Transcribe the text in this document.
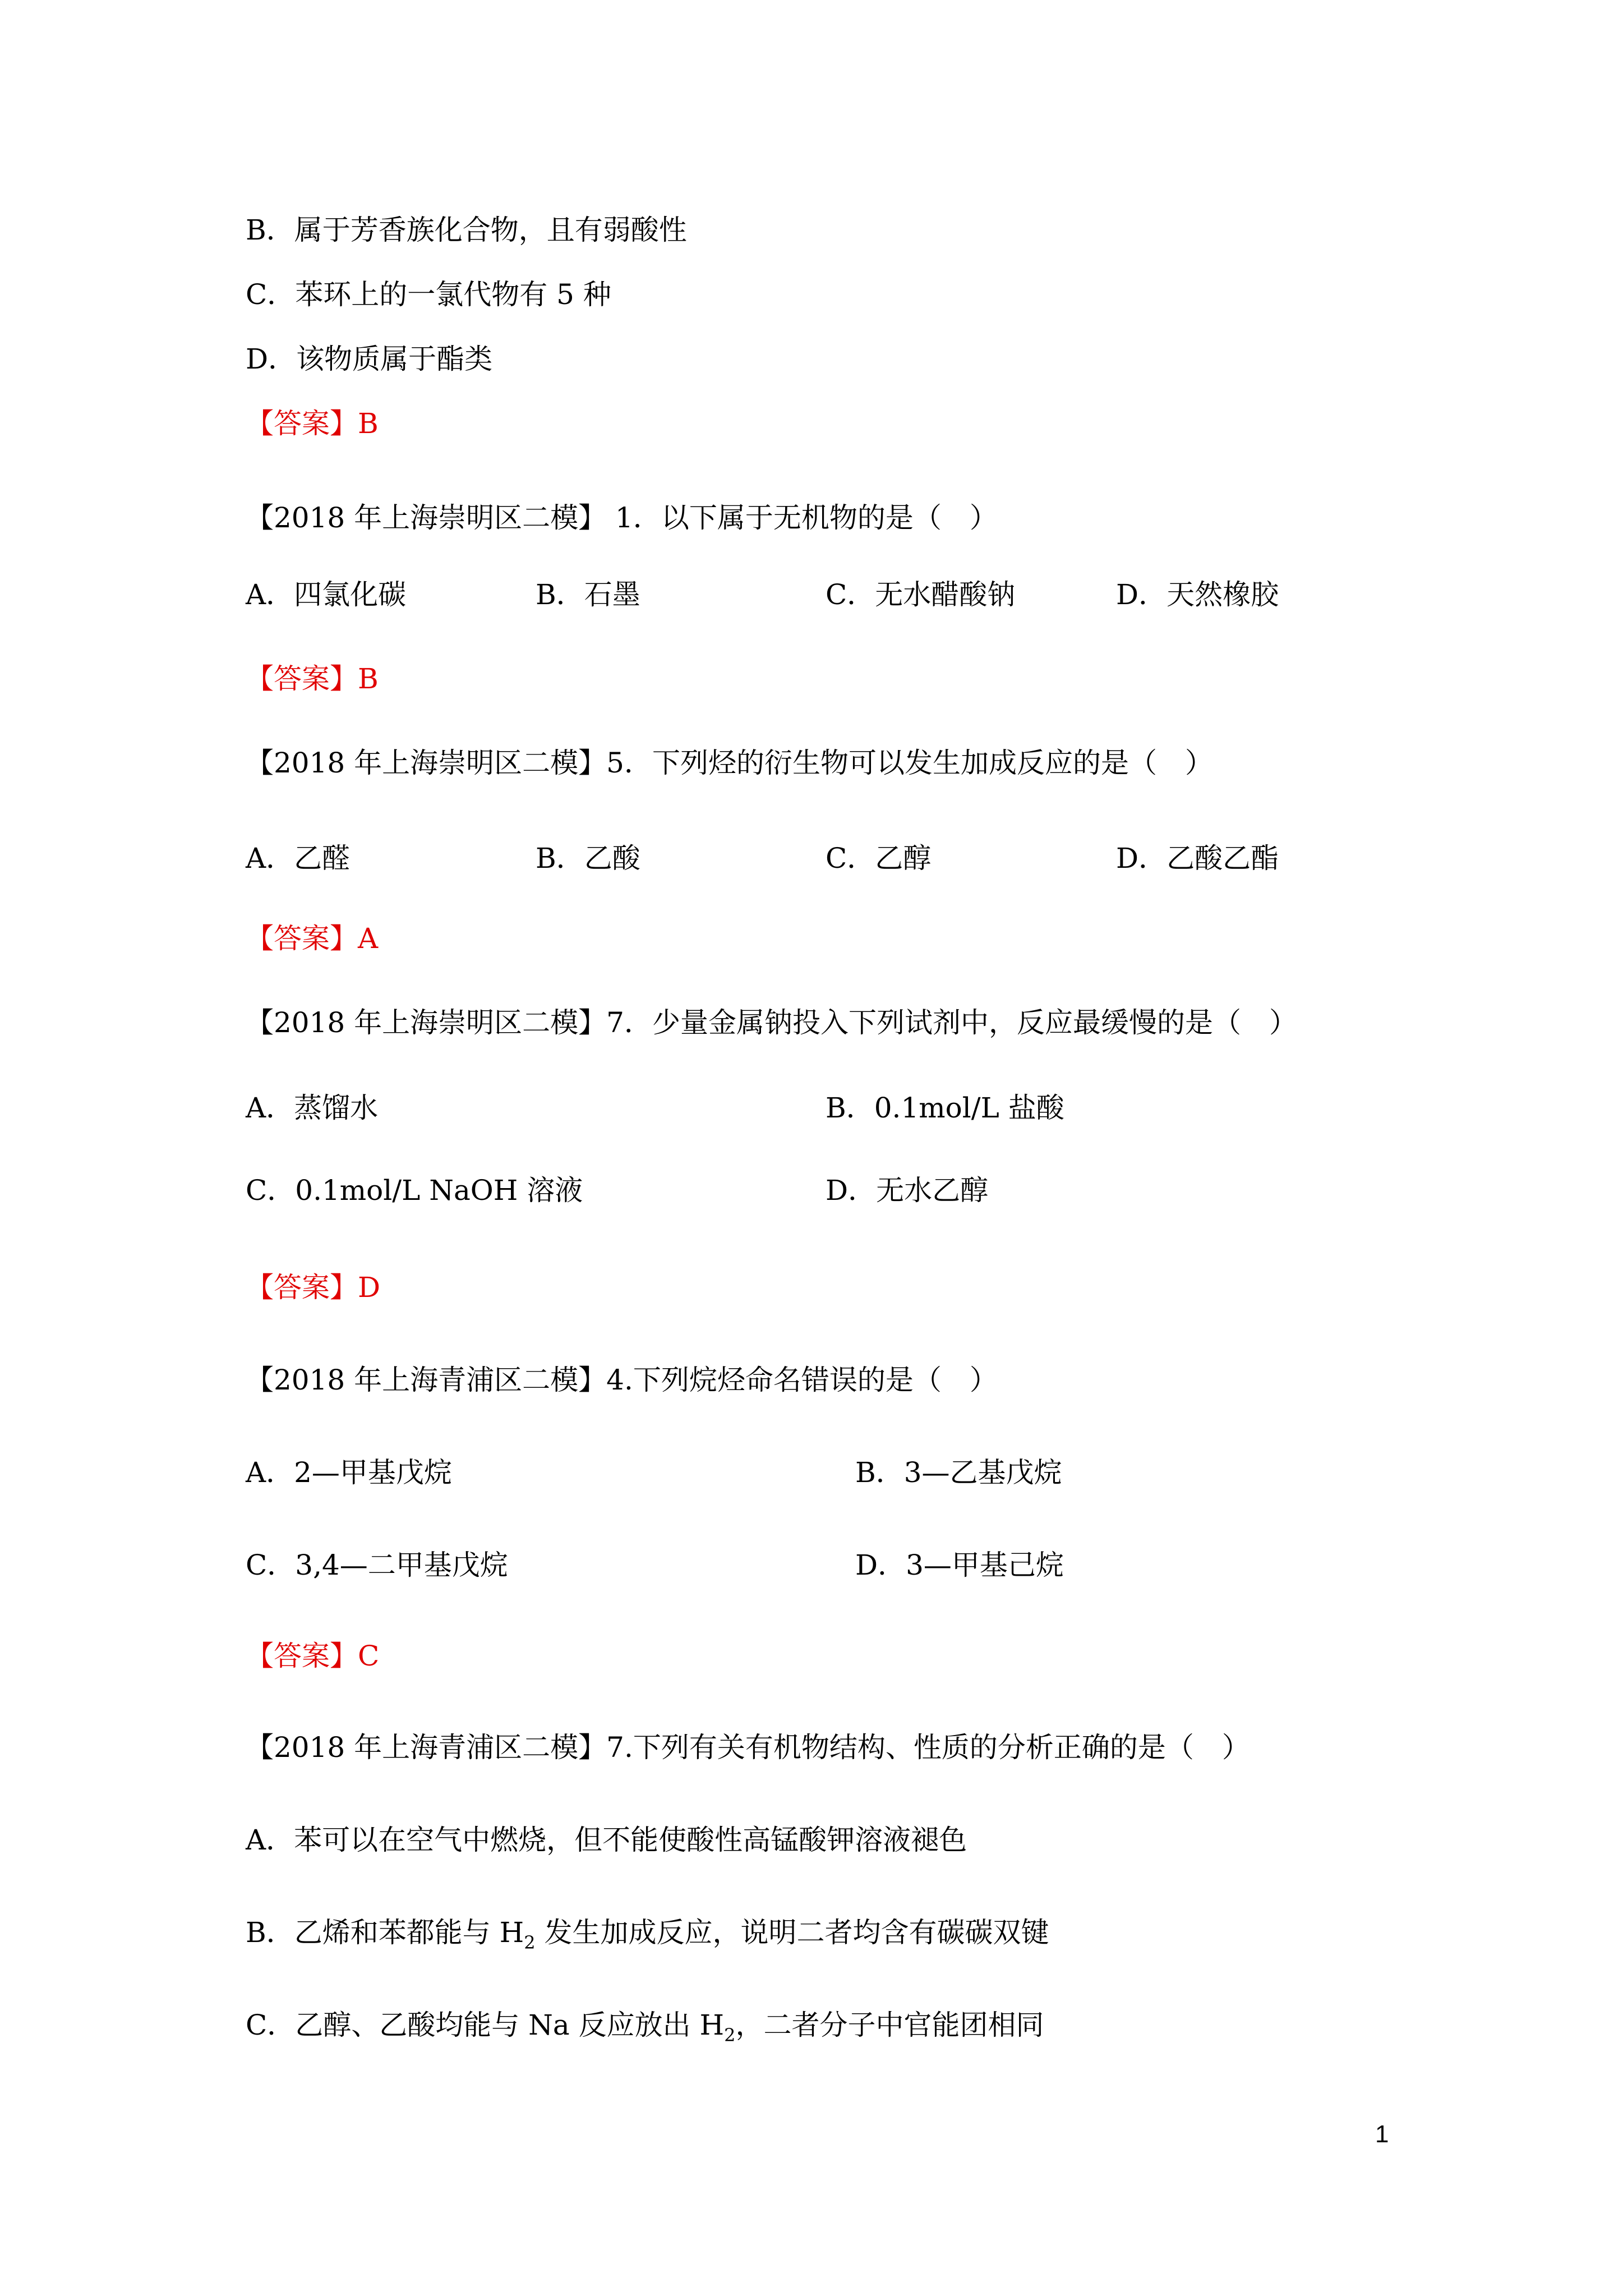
B．属于芳香族化合物，且有弱酸性
C．苯环上的一氯代物有 5 种
D．该物质属于酯类
【答案】B
【2018 年上海崇明区二模】 1．以下属于无机物的是（　）
A．四氯化碳	B．石墨	C．无水醋酸钠	D．天然橡胶
【答案】B
【2018 年上海崇明区二模】5．下列烃的衍生物可以发生加成反应的是（　）
A．乙醛	B．乙酸	C．乙醇	D．乙酸乙酯
【答案】A
【2018 年上海崇明区二模】7．少量金属钠投入下列试剂中，反应最缓慢的是（　）
A．蒸馏水	B．0.1mol/L 盐酸
C．0.1mol/L NaOH 溶液	D．无水乙醇
【答案】D
【2018 年上海青浦区二模】4.下列烷烃命名错误的是（　）
A．2—甲基戊烷	B．3—乙基戊烷
C．3,4—二甲基戊烷	D．3—甲基己烷
【答案】C
【2018 年上海青浦区二模】7.下列有关有机物结构、性质的分析正确的是（　）
A．苯可以在空气中燃烧，但不能使酸性高锰酸钾溶液褪色
B．乙烯和苯都能与 $H_2$ 发生加成反应，说明二者均含有碳碳双键
C．乙醇、乙酸均能与 Na 反应放出 $H_2$，二者分子中官能团相同
1
